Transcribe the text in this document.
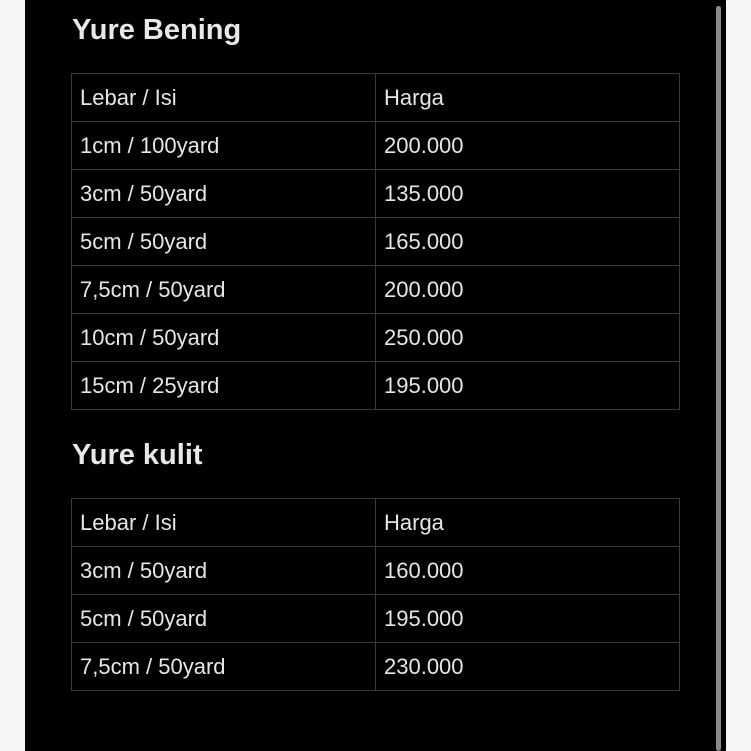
Yure Bening
Lebar / Isi	Harga
1cm / 100yard	200.000
3cm / 50yard	135.000
5cm / 50yard	165.000
7,5cm / 50yard	200.000
10cm / 50yard	250.000
15cm / 25yard	195.000
Yure kulit
Lebar / Isi	Harga
3cm / 50yard	160.000
5cm / 50yard	195.000
7,5cm / 50yard	230.000
